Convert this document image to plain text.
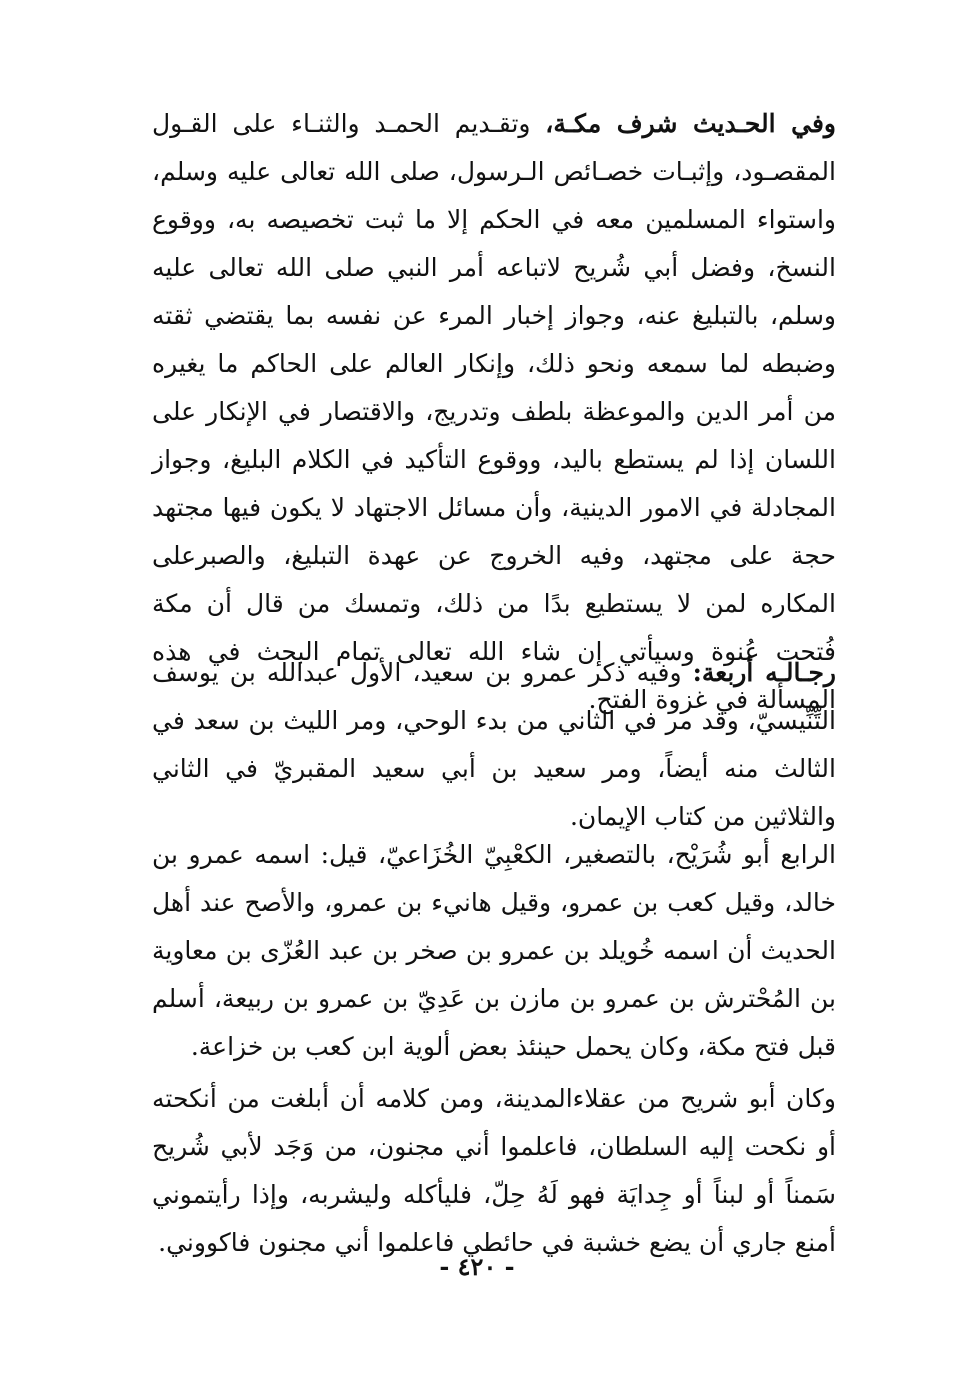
وفي الحـديث شرف مكـة، وتقـديم الحمـد والثنـاء على القـول المقصـود، وإثبـات خصـائص الـرسول، صلى الله تعالى عليه وسلم، واستواء المسلمين معه في الحكم إلا ما ثبت تخصيصه به، ووقوع النسخ، وفضل أبي شُريح لاتباعه أمر النبي صلى الله تعالى عليه وسلم، بالتبليغ عنه، وجواز إخبار المرء عن نفسه بما يقتضي ثقته وضبطه لما سمعه ونحو ذلك، وإنكار العالم على الحاكم ما يغيره من أمر الدين والموعظة بلطف وتدريج، والاقتصار في الإنكار على اللسان إذا لم يستطع باليد، ووقوع التأكيد في الكلام البليغ، وجواز المجادلة في الامور الدينية، وأن مسائل الاجتهاد لا يكون فيها مجتهد حجة على مجتهد، وفيه الخروج عن عهدة التبليغ، والصبرعلى المكاره لمن لا يستطيع بدًا من ذلك، وتمسك من قال أن مكة فُتحت عُنوة وسيأتي إن شاء الله تعالى تمام البحث في هذه المسألة في غزوة الفتح.
رجـالـه أربعة: وفيه ذكر عمرو بن سعيد، الأول عبدالله بن يوسف التِّنِّيسيّ، وقد مر في الثاني من بدء الوحي، ومر الليث بن سعد في الثالث منه أيضاً، ومر سعيد بن أبي سعيد المقبريّ في الثاني والثلاثين من كتاب الإيمان.
الرابع أبو شُرَيْح، بالتصغير، الكعْبِيّ الخُزَاعيّ، قيل: اسمه عمرو بن خالد، وقيل كعب بن عمرو، وقيل هانيء بن عمرو، والأصح عند أهل الحديث أن اسمه خُويلد بن عمرو بن صخر بن عبد العُزّى بن معاوية بن المُحْترش بن عمرو بن مازن بن عَدِيّ بن عمرو بن ربيعة، أسلم قبل فتح مكة، وكان يحمل حينئذ بعض ألوية ابن كعب بن خزاعة.
وكان أبو شريح من عقلاءالمدينة، ومن كلامه أن أبلغت من أنكحته أو نكحت إليه السلطان، فاعلموا أني مجنون، من وَجَد لأبي شُريح سَمناً أو لبناً أو جِدايَة فهو لَهُ حِلّ، فليأكله وليشربه، وإذا رأيتموني أمنع جاري أن يضع خشبة في حائطي فاعلموا أني مجنون فاكووني.
- ٤٢٠ -
